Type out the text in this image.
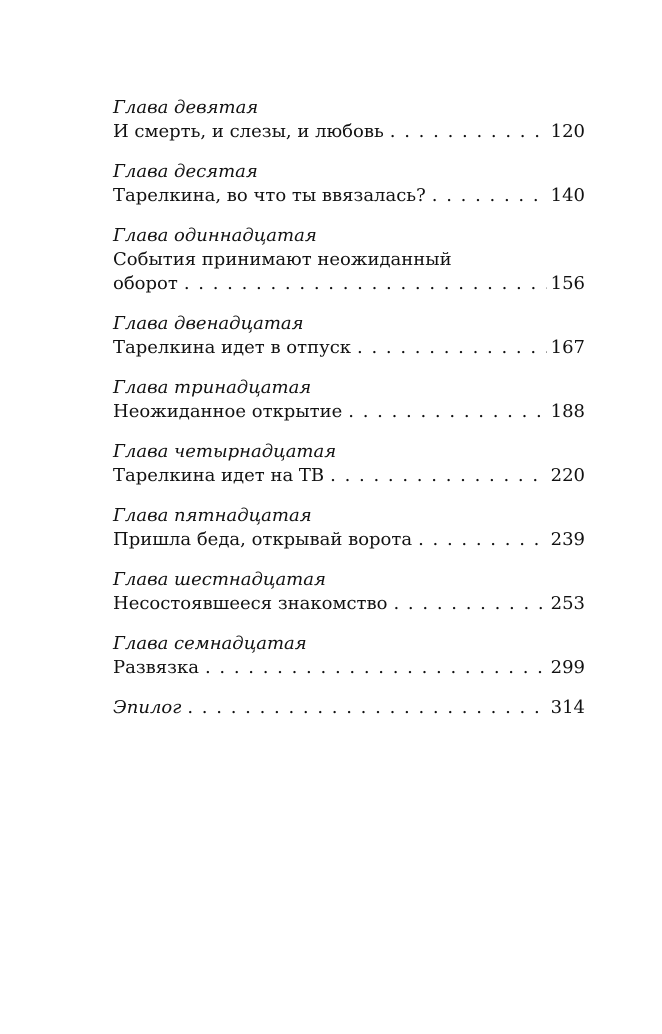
Глава девятая
И смерть, и слезы, и любовь . . .	120
Глава десятая
Тарелкина, во что ты ввязалась? . . .	140
Глава одиннадцатая
События принимают неожиданный
оборот . . .	156
Глава двенадцатая
Тарелкина идет в отпуск . . .	167
Глава тринадцатая
Неожиданное открытие . . .	188
Глава четырнадцатая
Тарелкина идет на ТВ . . .	220
Глава пятнадцатая
Пришла беда, открывай ворота . . .	239
Глава шестнадцатая
Несостоявшееся знакомство . . .	253
Глава семнадцатая
Развязка . . .	299
Эпилог . . .	314
